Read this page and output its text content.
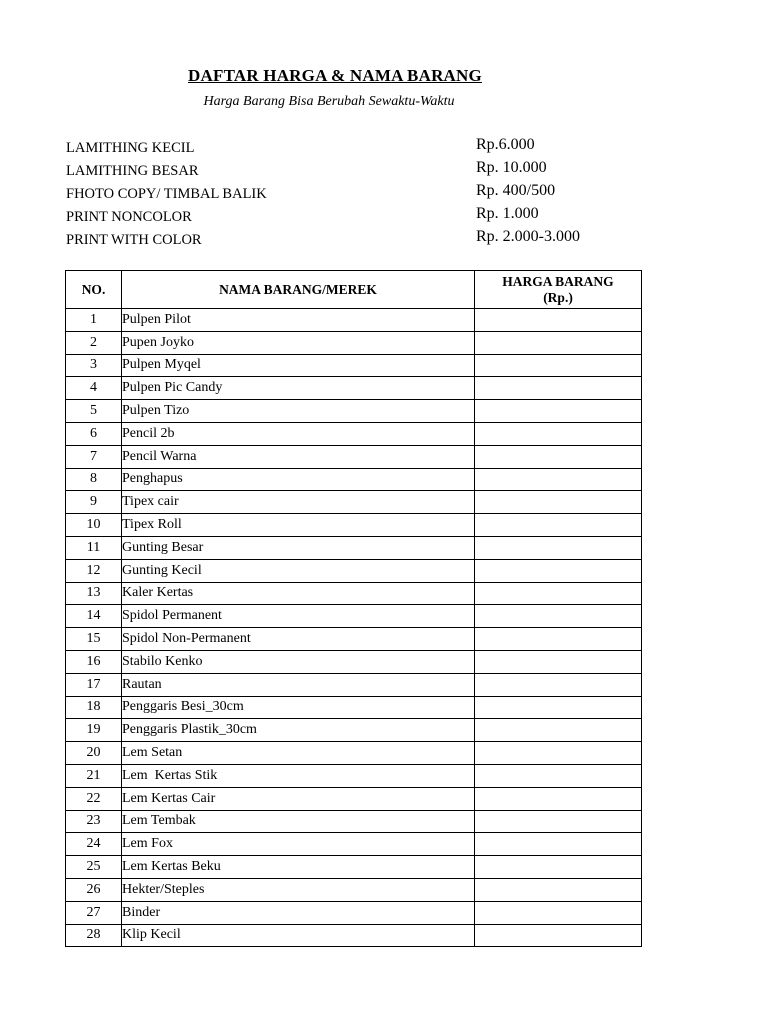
DAFTAR HARGA & NAMA BARANG
Harga Barang Bisa Berubah Sewaktu-Waktu
LAMITHING KECIL	Rp.6.000
LAMITHING BESAR	Rp. 10.000
FHOTO COPY/ TIMBAL BALIK	Rp. 400/500
PRINT NONCOLOR	Rp. 1.000
PRINT WITH COLOR	Rp. 2.000-3.000
NO.	NAMA BARANG/MEREK	HARGA BARANG
(Rp.)

1	Pulpen Pilot	
2	Pupen Joyko	
3	Pulpen Myqel	
4	Pulpen Pic Candy	
5	Pulpen Tizo	
6	Pencil 2b	
7	Pencil Warna	
8	Penghapus	
9	Tipex cair	
10	Tipex Roll	
11	Gunting Besar	
12	Gunting Kecil	
13	Kaler Kertas	
14	Spidol Permanent	
15	Spidol Non-Permanent	
16	Stabilo Kenko	
17	Rautan	
18	Penggaris Besi_30cm	
19	Penggaris Plastik_30cm	
20	Lem Setan	
21	Lem  Kertas Stik	
22	Lem Kertas Cair	
23	Lem Tembak	
24	Lem Fox	
25	Lem Kertas Beku	
26	Hekter/Steples	
27	Binder	
28	Klip Kecil	
